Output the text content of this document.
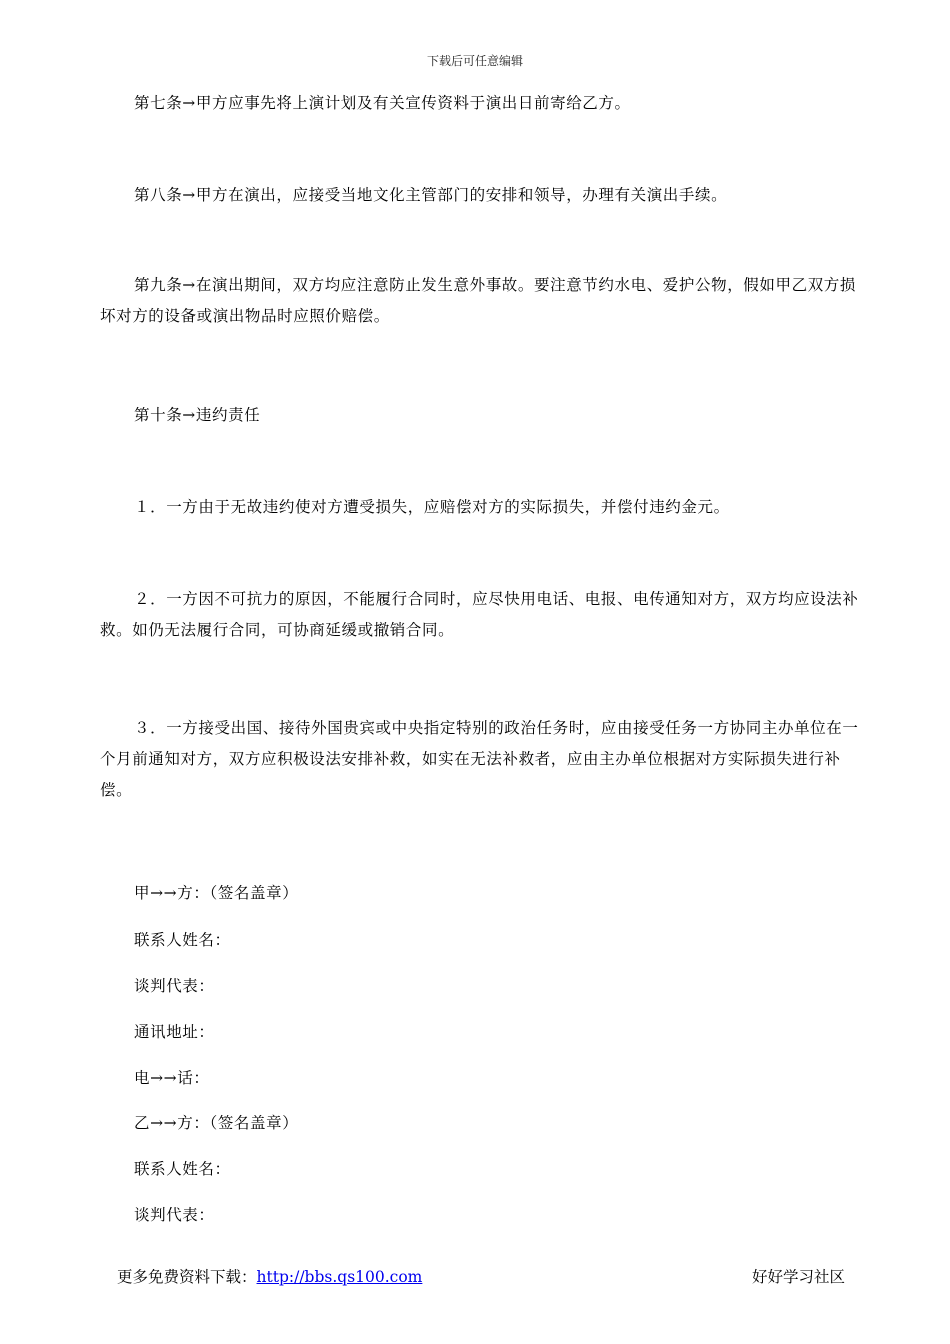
下载后可任意编辑
第七条→甲方应事先将上演计划及有关宣传资料于演出日前寄给乙方。
第八条→甲方在演出，应接受当地文化主管部门的安排和领导，办理有关演出手续。
第九条→在演出期间，双方均应注意防止发生意外事故。要注意节约水电、爱护公物，假如甲乙双方损坏对方的设备或演出物品时应照价赔偿。
第十条→违约责任
１．一方由于无故违约使对方遭受损失，应赔偿对方的实际损失，并偿付违约金元。
２．一方因不可抗力的原因，不能履行合同时，应尽快用电话、电报、电传通知对方，双方均应设法补救。如仍无法履行合同，可协商延缓或撤销合同。
３．一方接受出国、接待外国贵宾或中央指定特别的政治任务时，应由接受任务一方协同主办单位在一个月前通知对方，双方应积极设法安排补救，如实在无法补救者，应由主办单位根据对方实际损失进行补偿。
甲→→方：（签名盖章）
联系人姓名：
谈判代表：
通讯地址：
电→→话：
乙→→方：（签名盖章）
联系人姓名：
谈判代表：
更多免费资料下载：http://bbs.qs100.com	好好学习社区
